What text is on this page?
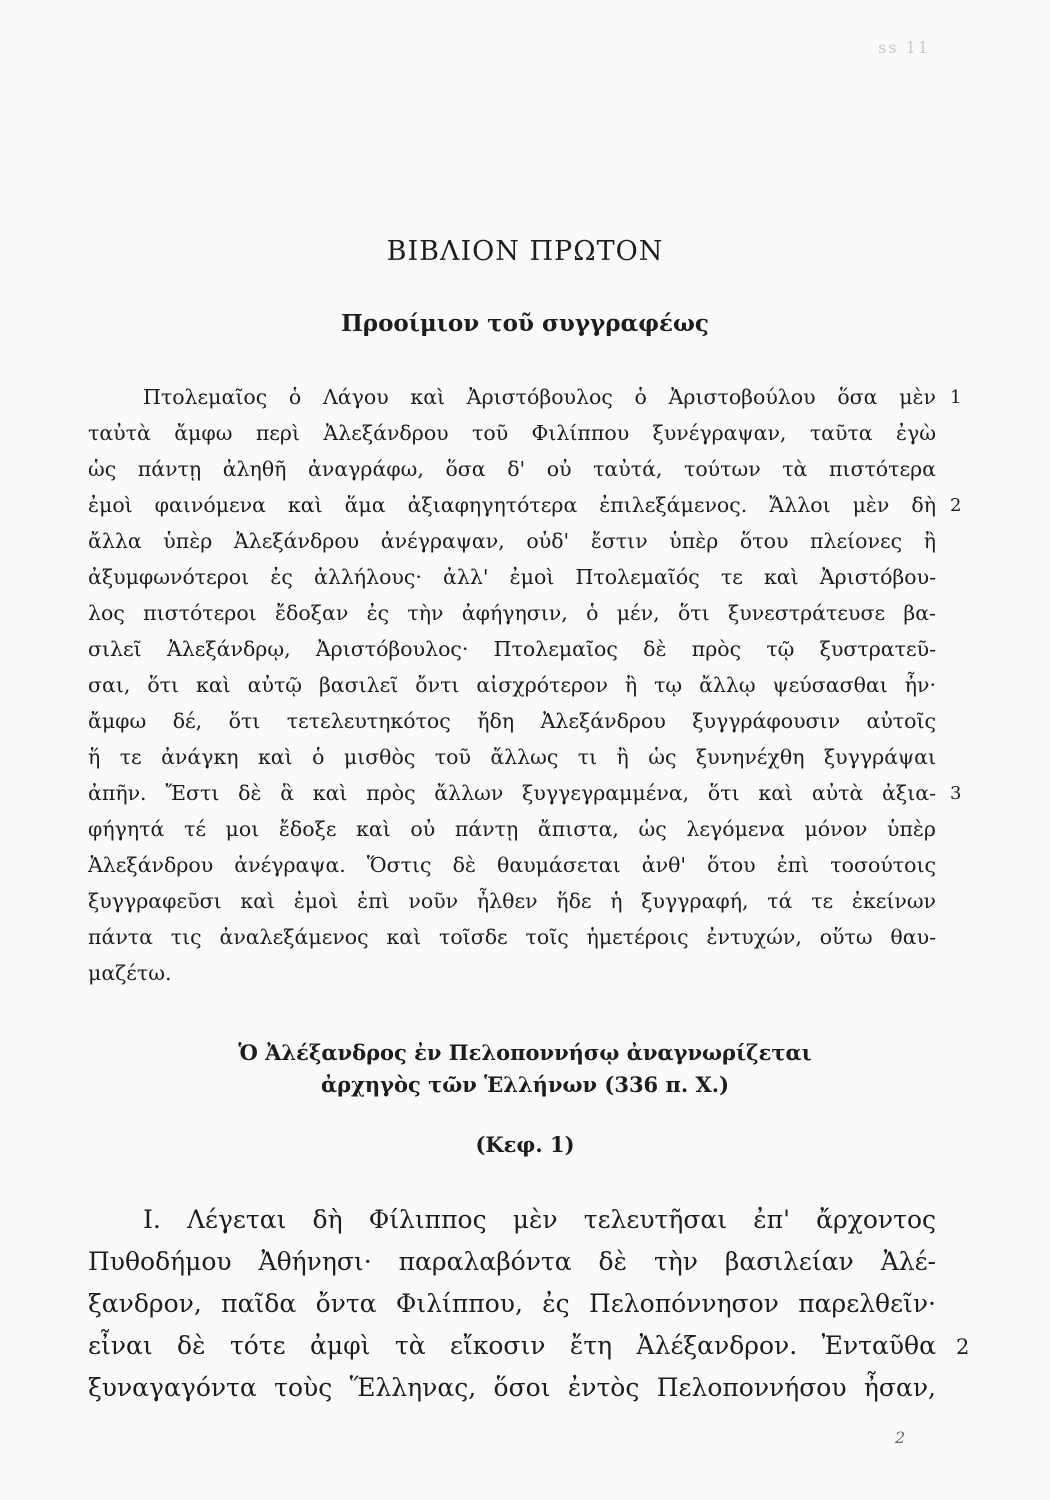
ss 11
ΒΙΒΛΙΟΝ ΠΡΩΤΟΝ
Προοίμιον τοῦ συγγραφέως
Πτολεμαῖος ὁ Λάγου καὶ Ἀριστόβουλος ὁ Ἀριστοβούλου ὅσα μὲν
ταὐτὰ ἄμφω περὶ Ἀλεξάνδρου τοῦ Φιλίππου ξυνέγραψαν, ταῦτα ἐγὼ
ὡς πάντῃ ἀληθῆ ἀναγράφω, ὅσα δ' οὐ ταὐτά, τούτων τὰ πιστότερα
ἐμοὶ φαινόμενα καὶ ἅμα ἀξιαφηγητότερα ἐπιλεξάμενος. Ἄλλοι μὲν δὴ
ἄλλα ὑπὲρ Ἀλεξάνδρου ἀνέγραψαν, οὐδ' ἔστιν ὑπὲρ ὅτου πλείονες ἢ
ἀξυμφωνότεροι ἐς ἀλλήλους· ἀλλ' ἐμοὶ Πτολεμαῖός τε καὶ Ἀριστόβου-
λος πιστότεροι ἔδοξαν ἐς τὴν ἀφήγησιν, ὁ μέν, ὅτι ξυνεστράτευσε βα-
σιλεῖ Ἀλεξάνδρῳ, Ἀριστόβουλος· Πτολεμαῖος δὲ πρὸς τῷ ξυστρατεῦ-
σαι, ὅτι καὶ αὐτῷ βασιλεῖ ὄντι αἰσχρότερον ἢ τῳ ἄλλῳ ψεύσασθαι ἦν·
ἄμφω δέ, ὅτι τετελευτηκότος ἤδη Ἀλεξάνδρου ξυγγράφουσιν αὐτοῖς
ἥ τε ἀνάγκη καὶ ὁ μισθὸς τοῦ ἄλλως τι ἢ ὡς ξυνηνέχθη ξυγγράψαι
ἀπῆν. Ἔστι δὲ ἃ καὶ πρὸς ἄλλων ξυγγεγραμμένα, ὅτι καὶ αὐτὰ ἀξια-
φήγητά τέ μοι ἔδοξε καὶ οὐ πάντῃ ἄπιστα, ὡς λεγόμενα μόνον ὑπὲρ
Ἀλεξάνδρου ἀνέγραψα. Ὅστις δὲ θαυμάσεται ἀνθ' ὅτου ἐπὶ τοσούτοις
ξυγγραφεῦσι καὶ ἐμοὶ ἐπὶ νοῦν ἦλθεν ἥδε ἡ ξυγγραφή, τά τε ἐκείνων
πάντα τις ἀναλεξάμενος καὶ τοῖσδε τοῖς ἡμετέροις ἐντυχών, οὕτω θαυ-
μαζέτω.
1
2
3
Ὁ Ἀλέξανδρος ἐν Πελοποννήσῳ ἀναγνωρίζεται
ἀρχηγὸς τῶν Ἑλλήνων (336 π. Χ.)
(Κεφ. 1)
I. Λέγεται δὴ Φίλιππος μὲν τελευτῆσαι ἐπ' ἄρχοντος
Πυθοδήμου Ἀθήνησι· παραλαβόντα δὲ τὴν βασιλείαν Ἀλέ-
ξανδρον, παῖδα ὄντα Φιλίππου, ἐς Πελοπόννησον παρελθεῖν·
εἶναι δὲ τότε ἀμφὶ τὰ εἴκοσιν ἔτη Ἀλέξανδρον. Ἐνταῦθα
ξυναγαγόντα τοὺς Ἕλληνας, ὅσοι ἐντὸς Πελοποννήσου ἦσαν,
2
2
